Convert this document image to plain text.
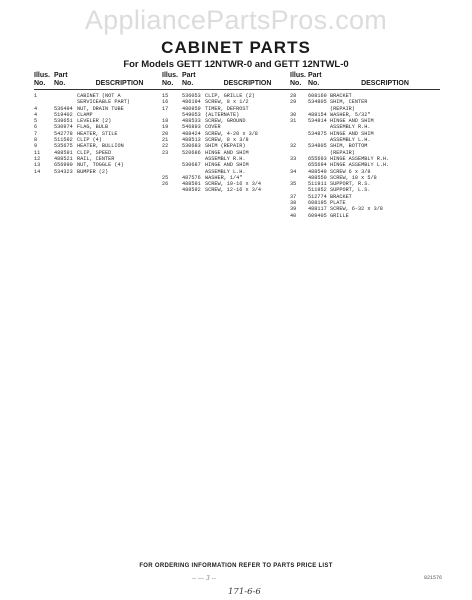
AppliancePartsPros.com
CABINET PARTS
For Models GETT 12NTWR-0 and GETT 12NTWL-0
Illus. Part
No.	No.	DESCRIPTION
1	CABINET (NOT A
SERVICEABLE PART)
4	536494 NUT, DRAIN TUBE
4	519402 CLAMP
5	538651 LEVELER (2)
6	530974 FLAG, BULB
7	542778 HEATER, STILE
8	511592 CLIP (4)
9	535675 HEATER, BULLION
11	488591 CLIP, SPEED
12	488521 RAIL, CENTER
13	656990 NUT, TOGGLE (4)
14	534323 BUMPER (2)
Illus. Part
No.	No.	DESCRIPTION
15	536053 CLIP, GRILLE (2)
16	486194 SCREW, 8 x 1/2
17	480959 TIMER, DEFROST
549053 (ALTERNATE)
18	488533 SCREW, GROUND
19	546893 COVER
20	488424 SCREW, 4-20 x 3/8
21	488513 SCREW, 8 x 3/8
22	530683 SHIM (REPAIR)
23	520686 HINGE AND SHIM
ASSEMBLY R.H.
530687 HINGE AND SHIM
ASSEMBLY L.H.
25	487576 WASHER, 1/4"
26	488591 SCREW, 10-16 x 3/4
488592 SCREW, 12-16 x 3/4
Illus. Part
No. No.	DESCRIPTION
28	608160 BRACKET
29	534805 SHIM, CENTER
(REPAIR)
30	488154 WASHER, 5/32"
31	534814 HINGE AND SHIM
ASSEMBLY R.H.
534875 HINGE AND SHIM
ASSEMBLY L.H.
32	534805 SHIM, BOTTOM
(REPAIR)
33	655693 HINGE ASSEMBLY R.H.
655694 HINGE ASSEMBLY L.H.
34	488549 SCREW 6 x 3/8
488550 SCREW, 10 x 5/8
35	511911 SUPPORT, R.S.
511952 SUPPORT, L.S.
37	512774 BRACKET
38	608195 PLATE
39	488117 SCREW, 6-32 x 3/8
40	609405 GRILLE
FOR ORDERING INFORMATION REFER TO PARTS PRICE LIST
-- --- 3 --
171-6-6
821576
